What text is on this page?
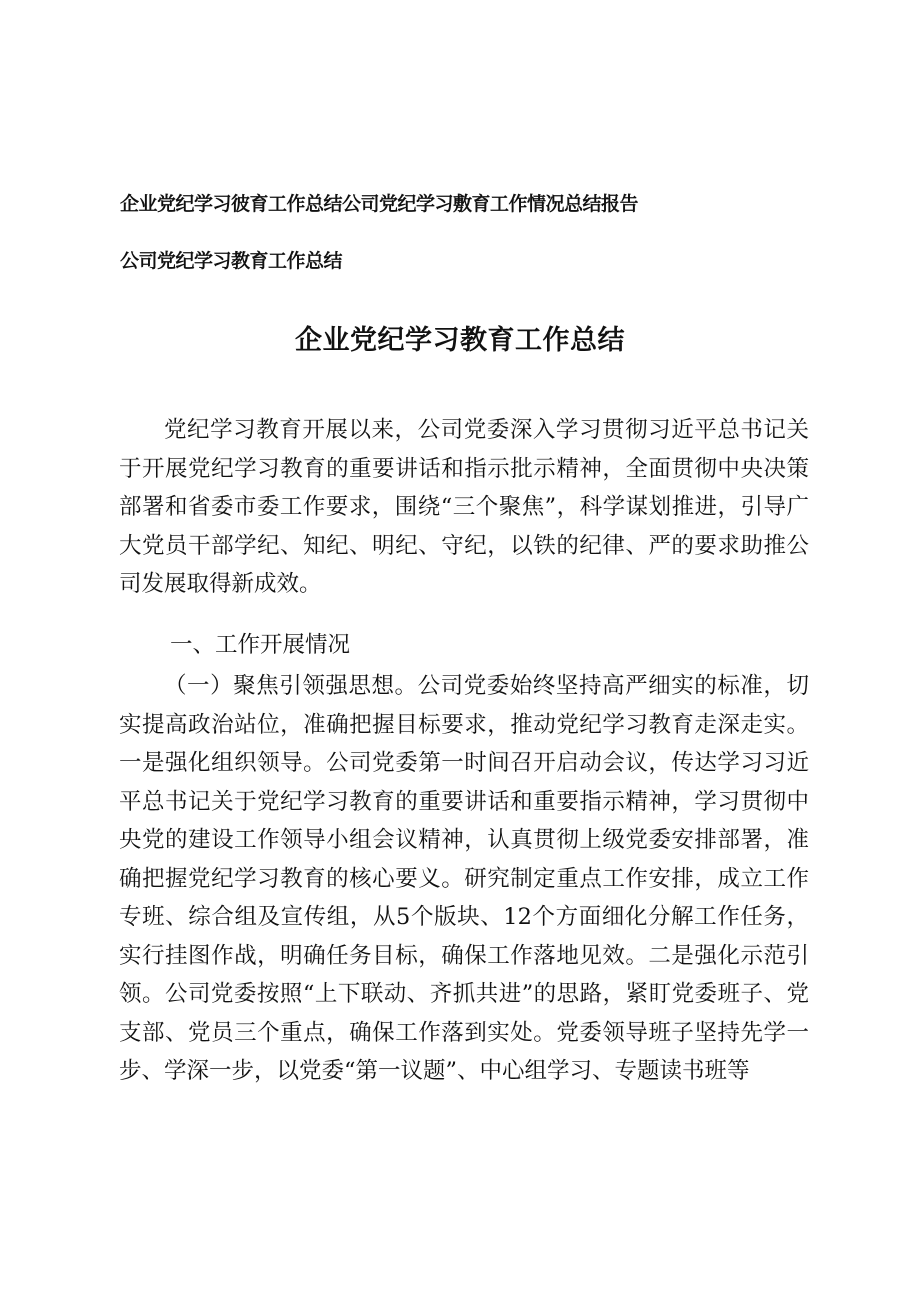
企业党纪学习彼育工作总结公司党纪学习敷育工作情况总结报告
公司党纪学习教育工作总结
企业党纪学习教育工作总结

党纪学习教育开展以来，公司党委深入学习贯彻习近平总书记关于开展党纪学习教育的重要讲话和指示批示精神，全面贯彻中央决策部署和省委市委工作要求，围绕“三个聚焦”，科学谋划推进，引导广大党员干部学纪、知纪、明纪、守纪，以铁的纪律、严的要求助推公司发展取得新成效。

一、工作开展情况

（一）聚焦引领强思想。公司党委始终坚持高严细实的标准，切实提高政治站位，准确把握目标要求，推动党纪学习教育走深走实。一是强化组织领导。公司党委第一时间召开启动会议，传达学习习近平总书记关于党纪学习教育的重要讲话和重要指示精神，学习贯彻中央党的建设工作领导小组会议精神，认真贯彻上级党委安排部署，准确把握党纪学习教育的核心要义。研究制定重点工作安排，成立工作专班、综合组及宣传组，从5个版块、12个方面细化分解工作任务，实行挂图作战，明确任务目标，确保工作落地见效。二是强化示范引领。公司党委按照“上下联动、齐抓共进”的思路，紧盯党委班子、党支部、党员三个重点，确保工作落到实处。党委领导班子坚持先学一步、学深一步，以党委“第一议题”、中心组学习、专题读书班等
